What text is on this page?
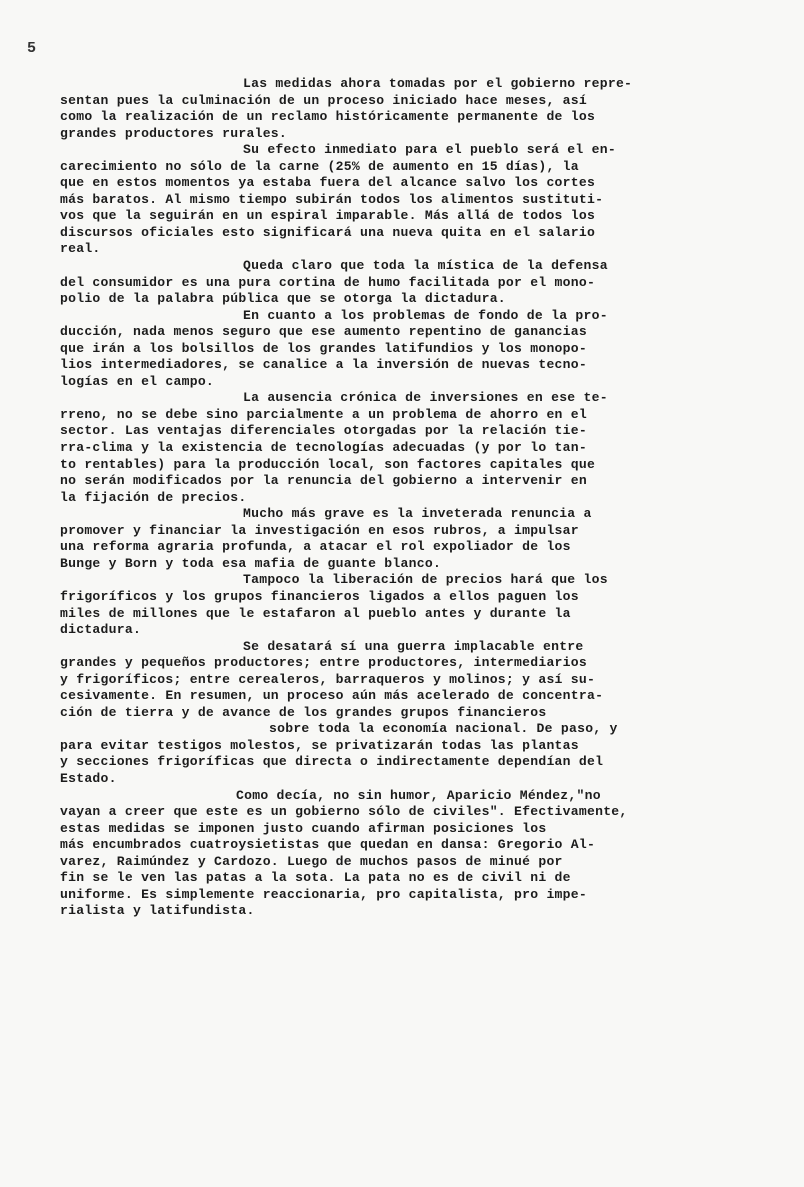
5
Las medidas ahora tomadas por el gobierno repre-
sentan pues la culminación de un proceso iniciado hace meses, así
como la realización de un reclamo históricamente permanente de los
grandes productores rurales.
Su efecto inmediato para el pueblo será el en-
carecimiento no sólo de la carne (25% de aumento en 15 días), la
que en estos momentos ya estaba fuera del alcance salvo los cortes
más baratos. Al mismo tiempo subirán todos los alimentos sustituti-
vos que la seguirán en un espiral imparable. Más allá de todos los
discursos oficiales esto significará una nueva quita en el salario
real.
Queda claro que toda la mística de la defensa
del consumidor es una pura cortina de humo facilitada por el mono-
polio de la palabra pública que se otorga la dictadura.
En cuanto a los problemas de fondo de la pro-
ducción, nada menos seguro que ese aumento repentino de ganancias
que irán a los bolsillos de los grandes latifundios y los monopo-
lios intermediadores, se canalice a la inversión de nuevas tecno-
logías en el campo.
La ausencia crónica de inversiones en ese te-
rreno, no se debe sino parcialmente a un problema de ahorro en el
sector. Las ventajas diferenciales otorgadas por la relación tie-
rra-clima y la existencia de tecnologías adecuadas (y por lo tan-
to rentables) para la producción local, son factores capitales que
no serán modificados por la renuncia del gobierno a intervenir en
la fijación de precios.
Mucho más grave es la inveterada renuncia a
promover y financiar la investigación en esos rubros, a impulsar
una reforma agraria profunda, a atacar el rol expoliador de los
Bunge y Born y toda esa mafia de guante blanco.
Tampoco la liberación de precios hará que los
frigoríficos y los grupos financieros ligados a ellos paguen los
miles de millones que le estafaron al pueblo antes y durante la
dictadura.
Se desatará sí una guerra implacable entre
grandes y pequeños productores; entre productores, intermediarios
y frigoríficos; entre cerealeros, barraqueros y molinos; y así su-
cesivamente. En resumen, un proceso aún más acelerado de concentra-
ción de tierra y de avance de los grandes grupos financieros
sobre toda la economía nacional. De paso, y
para evitar testigos molestos, se privatizarán todas las plantas
y secciones frigoríficas que directa o indirectamente dependían del
Estado.
Como decía, no sin humor, Aparicio Méndez,"no
vayan a creer que este es un gobierno sólo de civiles". Efectivamente,
estas medidas se imponen justo cuando afirman posiciones los
más encumbrados cuatroysietistas que quedan en dansa: Gregorio Al-
varez, Raimúndez y Cardozo. Luego de muchos pasos de minué por
fin se le ven las patas a la sota. La pata no es de civil ni de
uniforme. Es simplemente reaccionaria, pro capitalista, pro impe-
rialista y latifundista.
